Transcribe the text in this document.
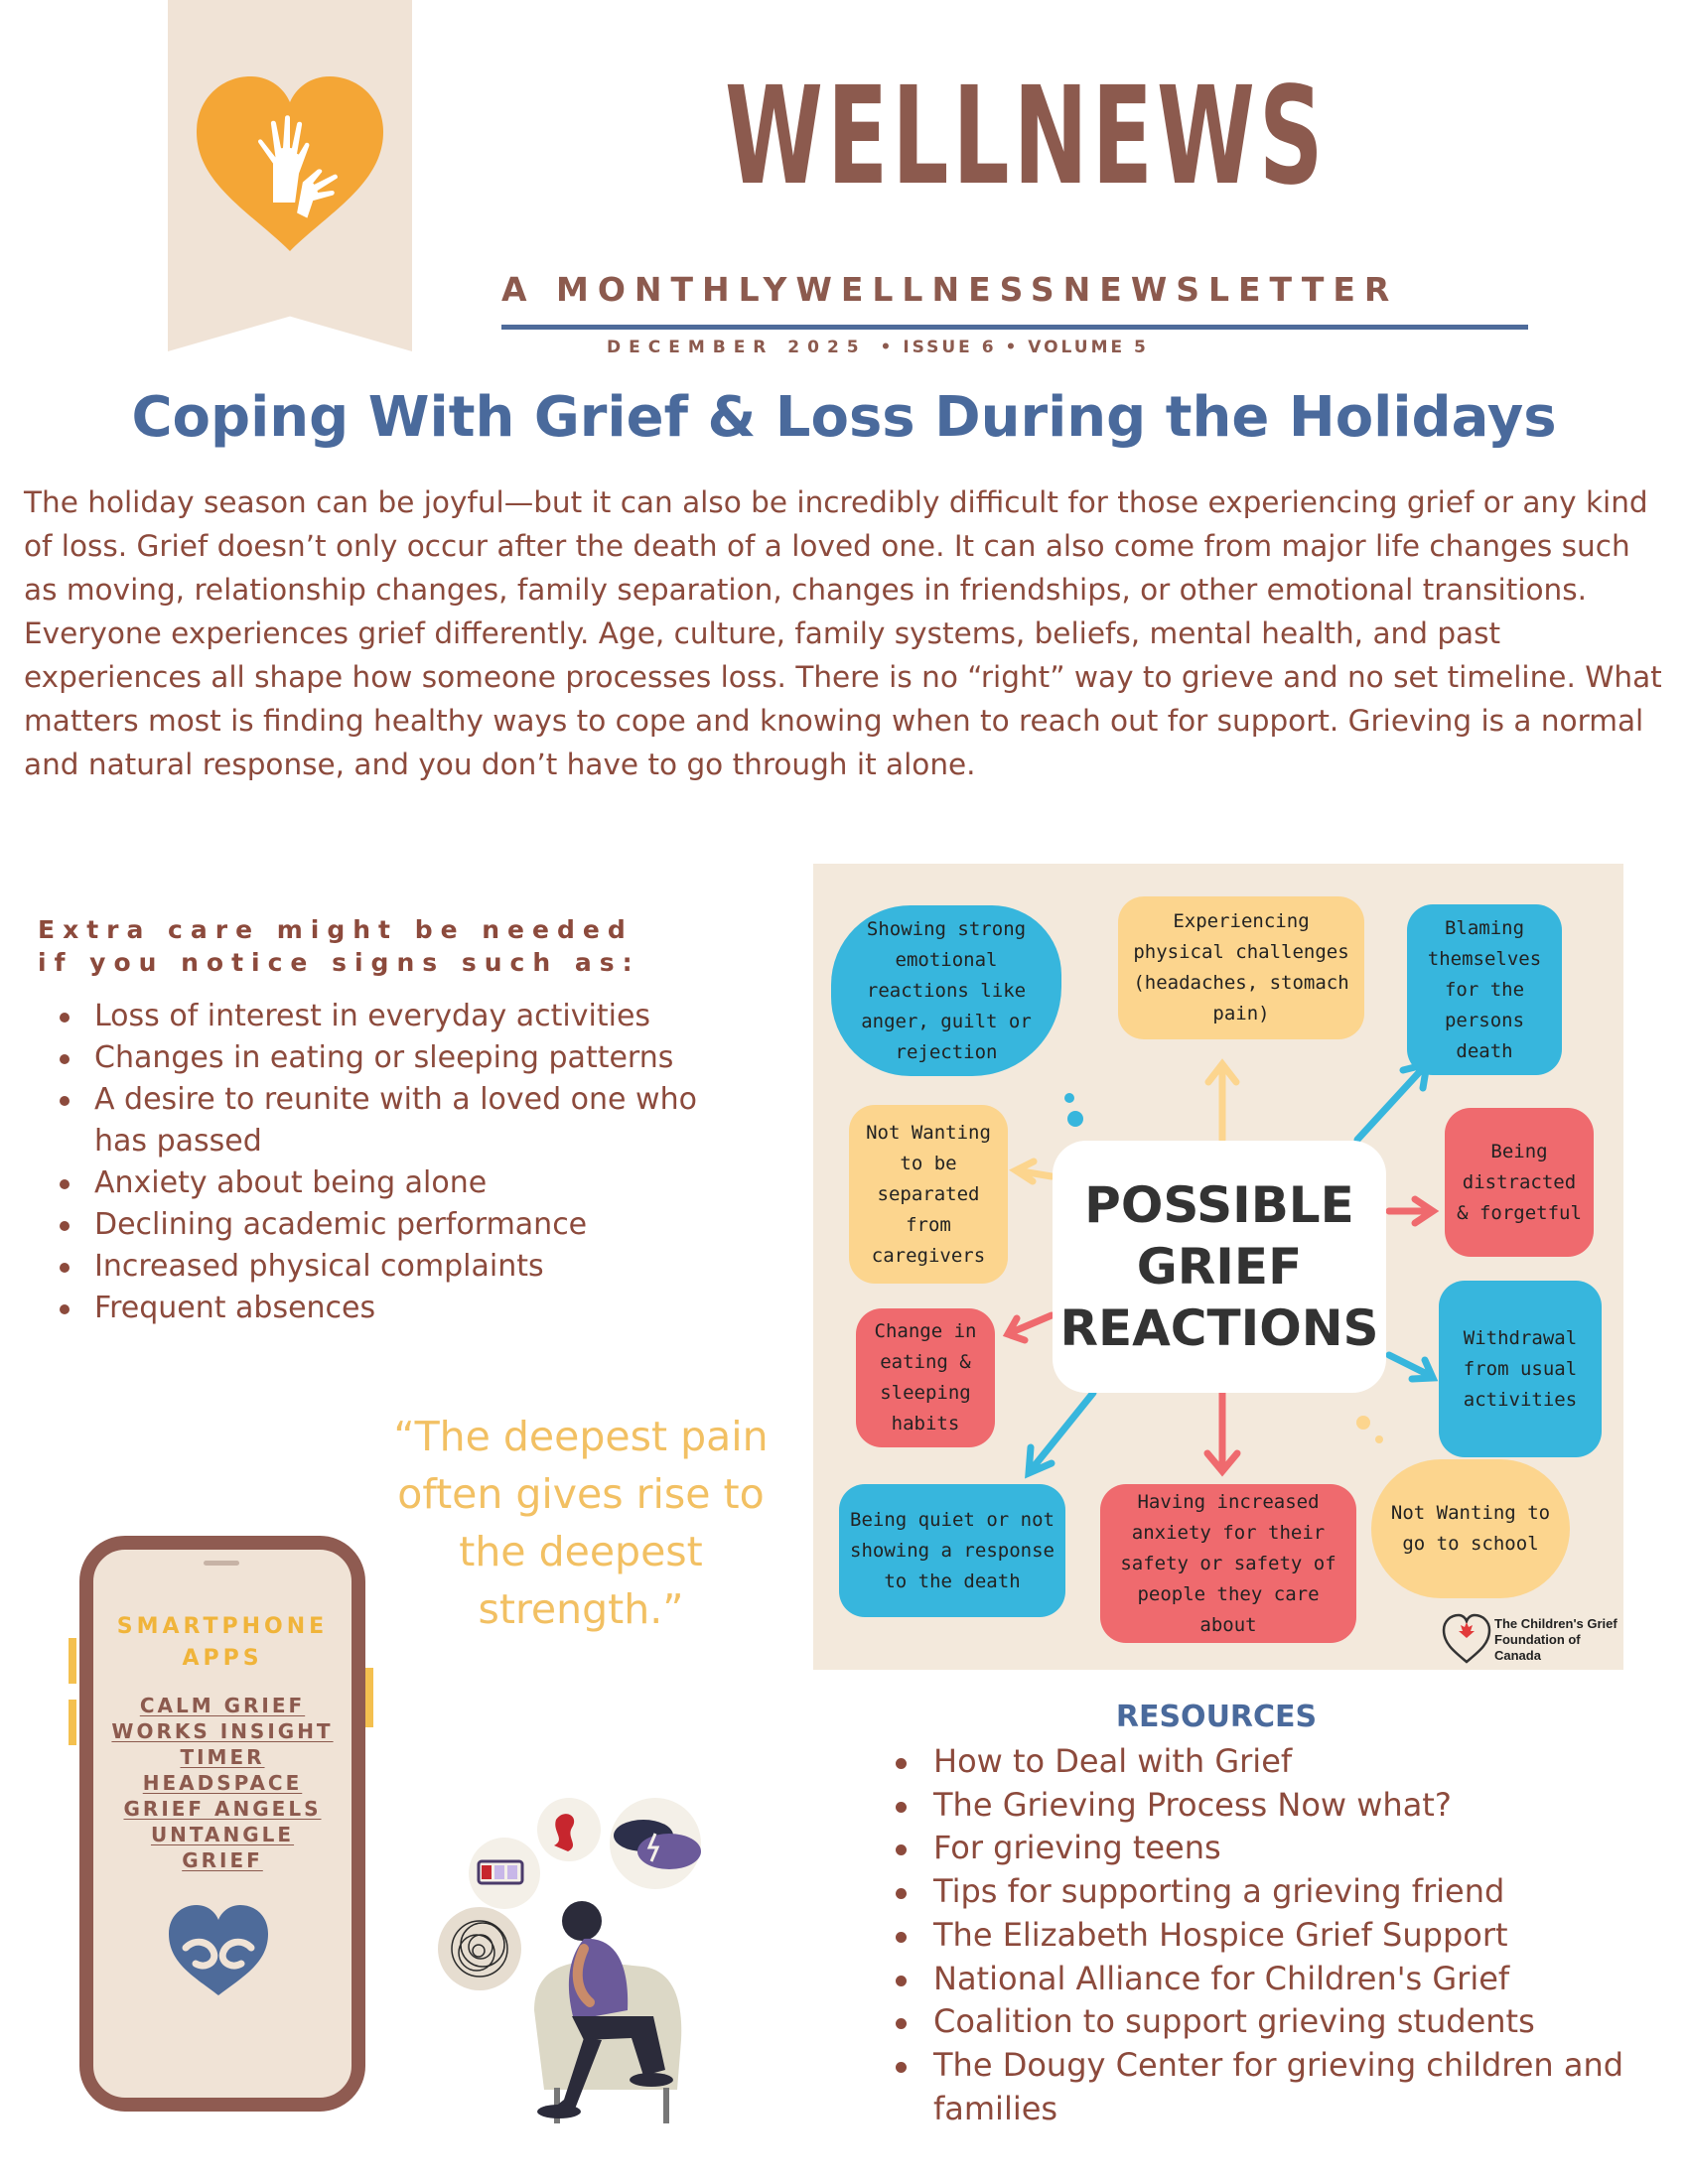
WELLNEWS
A MONTHLYWELLNESSNEWSLETTER
DECEMBER 2025 • ISSUE 6 • VOLUME 5
Coping With Grief & Loss During the Holidays

The holiday season can be joyful—but it can also be incredibly difficult for those experiencing grief or any kind of loss. Grief doesn’t only occur after the death of a loved one. It can also come from major life changes such as moving, relationship changes, family separation, changes in friendships, or other emotional transitions.

Everyone experiences grief differently. Age, culture, family systems, beliefs, mental health, and past experiences all shape how someone processes loss. There is no “right” way to grieve and no set timeline. What matters most is finding healthy ways to cope and knowing when to reach out for support. Grieving is a normal and natural response, and you don’t have to go through it alone.

Extra care might be needed
if you notice signs such as:
Loss of interest in everyday activities
Changes in eating or sleeping patterns
A desire to reunite with a loved one who has passed
Anxiety about being alone
Declining academic performance
Increased physical complaints
Frequent absences
“The deepest pain often gives rise to the deepest strength.”
Showing strong emotional reactions like anger, guilt or rejection
Experiencing physical challenges (headaches, stomach pain)
Blaming themselves for the persons death
Not Wanting to be separated from caregivers
Being distracted & forgetful
Change in eating & sleeping habits
Withdrawal from usual activities
Being quiet or not showing a response to the death
Having increased anxiety for their safety or safety of people they care about
Not Wanting to go to school
POSSIBLE GRIEF REACTIONS
The Children's Grief Foundation of Canada
SMARTPHONE APPS
CALM GRIEF
WORKS INSIGHT
TIMER
HEADSPACE
GRIEF ANGELS
UNTANGLE
GRIEF
RESOURCES
How to Deal with Grief
The Grieving Process Now what?
For grieving teens
Tips for supporting a grieving friend
The Elizabeth Hospice Grief Support
National Alliance for Children's Grief
Coalition to support grieving students
The Dougy Center for grieving children and families
